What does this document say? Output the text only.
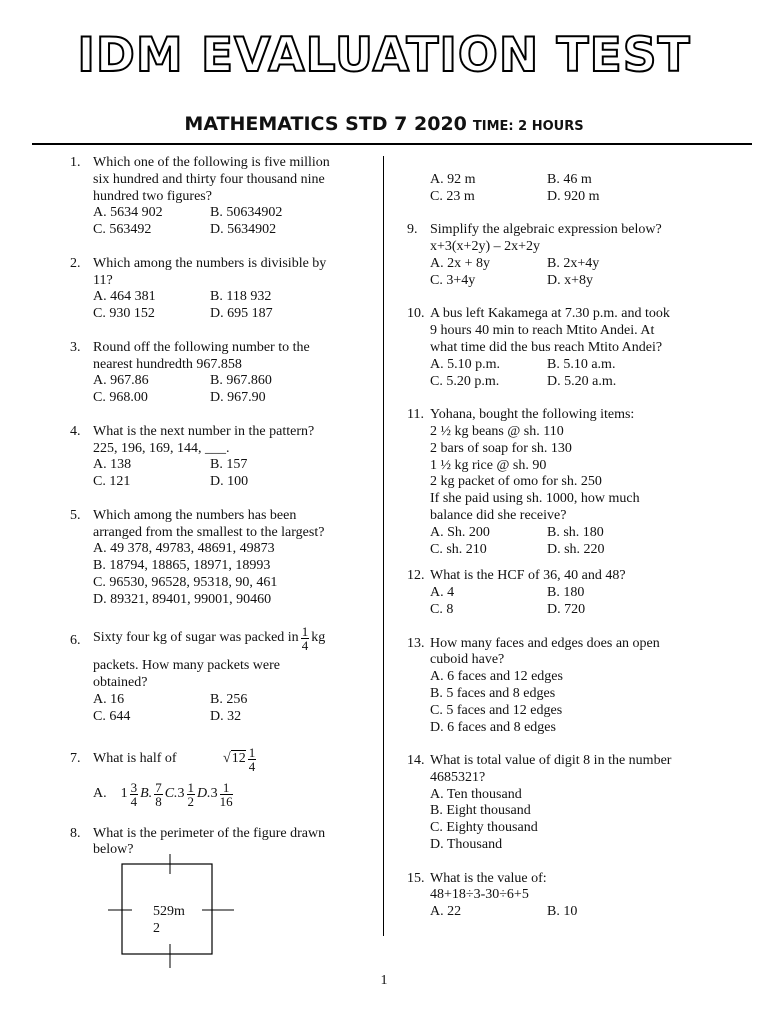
IDM EVALUATION TEST
MATHEMATICS STD 7 2020 TIME: 2 HOURS
1. Which one of the following is five million
six hundred and thirty four thousand nine
hundred two figures?
A. 5634 902	B. 50634902
C. 563492	D. 5634902
2. Which among the numbers is divisible by
11?
A. 464 381	B. 118 932
C. 930 152	D. 695 187
3. Round off the following number to the
nearest hundredth 967.858
A. 967.86	B. 967.860
C. 968.00	D. 967.90
4. What is the next number in the pattern?
225, 196, 169, 144, ___.
A. 138	B. 157
C. 121	D. 100
5. Which among the numbers has been
arranged from the smallest to the largest?
A. 49 378, 49783, 48691, 49873
B. 18794, 18865, 18971, 18993
C. 96530, 96528, 95318, 90, 461
D. 89321, 89401, 99001, 90460
6. Sixty four kg of sugar was packed in $\frac{1}{4}$ kg
packets. How many packets were
obtained?
A. 16	B. 256
C. 644	D. 32
7. What is half of	√ $12 \frac{1}{4}$
A. $1 \frac{3}{4} B$. $\frac{7}{8} C$. $3 \frac{1}{2} D$. $3 \frac{1}{16}$
8. What is the perimeter of the figure drawn
below?
529m
2
A. 92 m	B. 46 m
C. 23 m	D. 920 m
9. Simplify the algebraic expression below?
x+3(x+2y) – 2x+2y
A. 2x + 8y	B. 2x+4y
C. 3+4y	D. x+8y
10. A bus left Kakamega at 7.30 p.m. and took
9 hours 40 min to reach Mtito Andei. At
what time did the bus reach Mtito Andei?
A. 5.10 p.m.	B. 5.10 a.m.
C. 5.20 p.m.	D. 5.20 a.m.
11. Yohana, bought the following items:
2 ½ kg beans @ sh. 110
2 bars of soap for sh. 130
1 ½ kg rice @ sh. 90
2 kg packet of omo for sh. 250
If she paid using sh. 1000, how much
balance did she receive?
A. Sh. 200	B. sh. 180
C. sh. 210	D. sh. 220
12. What is the HCF of 36, 40 and 48?
A. 4	B. 180
C. 8	D. 720
13. How many faces and edges does an open
cuboid have?
A. 6 faces and 12 edges
B. 5 faces and 8 edges
C. 5 faces and 12 edges
D. 6 faces and 8 edges
14. What is total value of digit 8 in the number
4685321?
A. Ten thousand
B. Eight thousand
C. Eighty thousand
D. Thousand
15. What is the value of:
48+18÷3-30÷6+5
A. 22	B. 10
1
